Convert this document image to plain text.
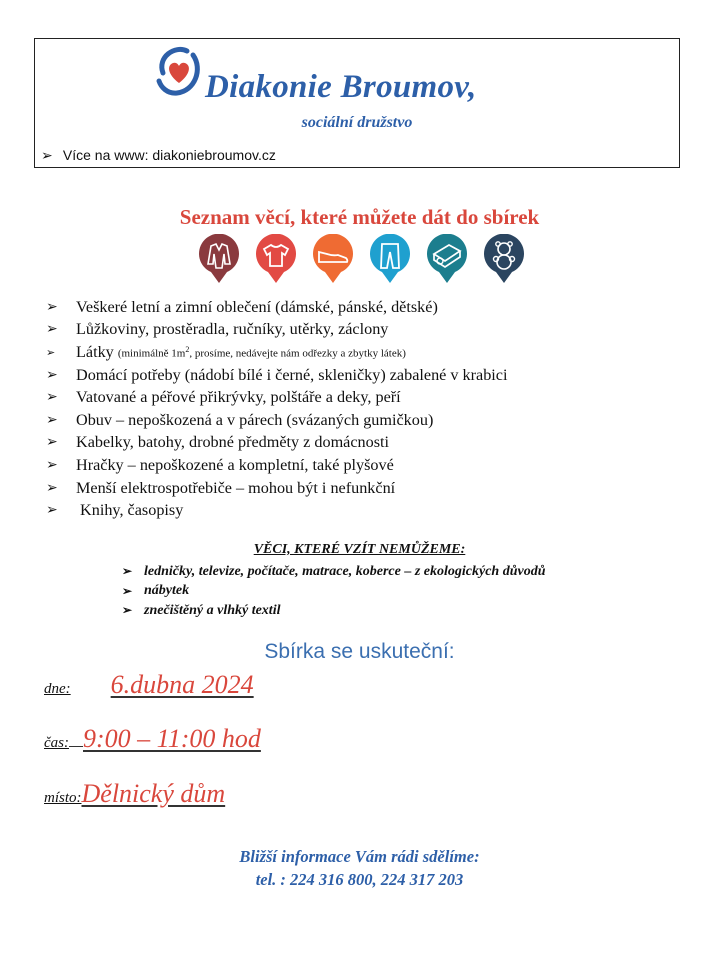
Diakonie Broumov,
sociální družstvo
➢ Více na www: diakoniebroumov.cz
Seznam věcí, které můžete dát do sbírek
➢	Veškeré letní a zimní oblečení (dámské, pánské, dětské)
➢	Lůžkoviny, prostěradla, ručníky, utěrky, záclony
➢	Látky
(minimálně $1m^2$, prosíme, nedávejte nám odřezky a zbytky látek)
➢	Domácí potřeby (nádobí bílé i černé, skleničky) zabalené v krabici
➢	Vatované a péřové přikrývky, polštáře a deky, peří
➢	Obuv – nepoškozená a v párech (svázaných gumičkou)
➢	Kabelky, batohy, drobné předměty z domácnosti
➢	Hračky – nepoškozené a kompletní, také plyšové
➢	Menší elektrospotřebiče – mohou být i nefunkční
➢
	Knihy, časopisy
VĚCI, KTERÉ VZÍT NEMŮŽEME:
➢ ledničky, televize, počítače, matrace, koberce – z ekologických důvodů
➢ nábytek
➢ znečištěný a vlhký textil
Sbírka se uskuteční:
dne: 6.dubna 2024
čas: 9:00 – 11:00 hod
místo:Dělnický dům
Bližší informace Vám rádi sdělíme:
tel. : 224 316 800, 224 317 203
